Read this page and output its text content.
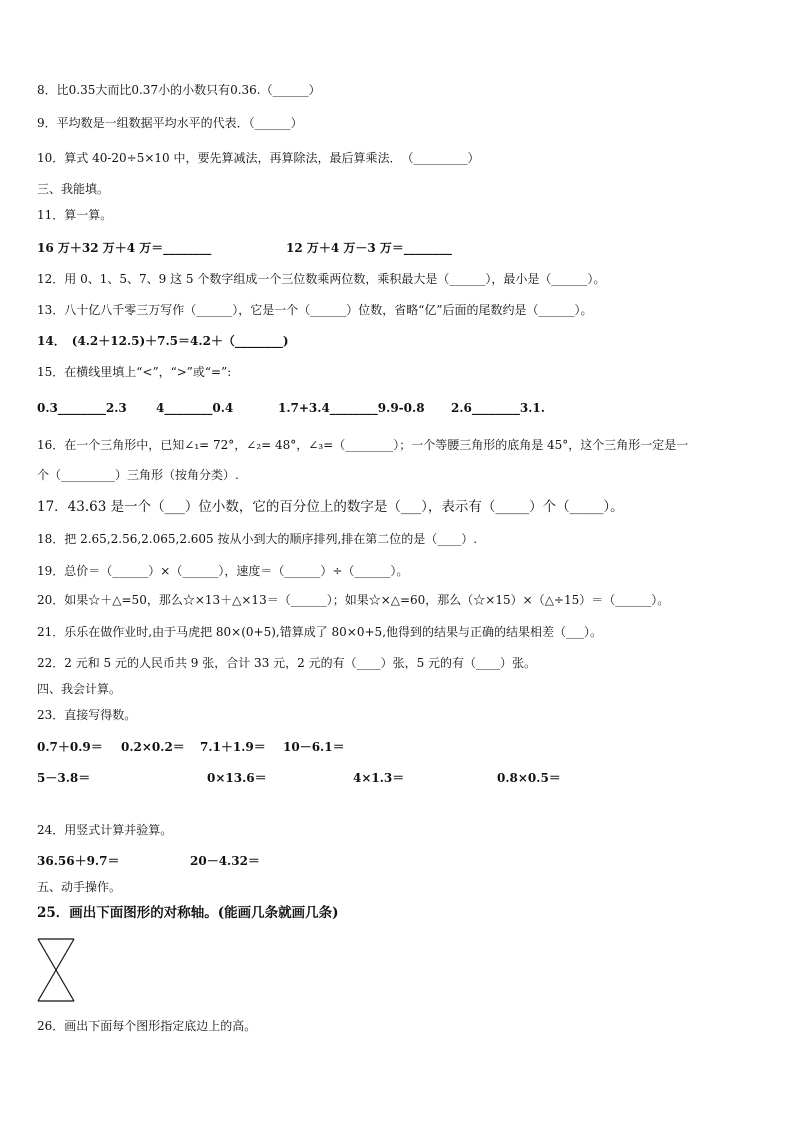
8．比0.35大而比0.37小的小数只有0.36.（______）
9．平均数是一组数据平均水平的代表．（______）
10．算式 40-20÷5×10 中，要先算减法，再算除法，最后算乘法．　（_________）
三、我能填。
11．算一算。
16 万＋32 万＋4 万＝________	12 万＋4 万－3 万＝________
12．用 0、1、5、7、9 这 5 个数字组成一个三位数乘两位数，乘积最大是（______），最小是（______）。
13．八十亿八千零三万写作（______），它是一个（______）位数，省略“亿”后面的尾数约是（______）。
14．　(4.2＋12.5)＋7.5＝4.2＋（________)
15．在横线里填上“<”，“>”或“=”:
0.3________2.3 4________0.4	1.7+3.4________9.9-0.8 2.6________3.1.
16．在一个三角形中，已知∠₁= 72°，∠₂= 48°，∠₃=（________）；一个等腰三角形的底角是 45°，这个三角形一定是一
个（_________）三角形（按角分类）.
17．43.63 是一个（___）位小数，它的百分位上的数字是（___），表示有（_____）个（_____）。
18．把 2.65,2.56,2.065,2.605 按从小到大的顺序排列,排在第二位的是（____）.
19．总价＝（______）×（______），速度＝（______）÷（______）。
20．如果☆＋△=50，那么☆×13＋△×13＝（______）；如果☆×△=60，那么（☆×15）×（△÷15）＝（______）。
21．乐乐在做作业时,由于马虎把 80×(0+5),错算成了 80×0+5,他得到的结果与正确的结果相差（___）。
22．2 元和 5 元的人民币共 9 张，合计 33 元，2 元的有（____）张，5 元的有（____）张。
四、我会计算。
23．直接写得数。
0.7＋0.9＝ 0.2×0.2＝ 7.1＋1.9＝ 10－6.1＝
5－3.8＝	0×13.6＝	4×1.3＝	0.8×0.5＝
24．用竖式计算并验算。
36.56＋9.7＝	20－4.32＝
五、动手操作。
25．画出下面图形的对称轴。(能画几条就画几条)
26．画出下面每个图形指定底边上的高。
